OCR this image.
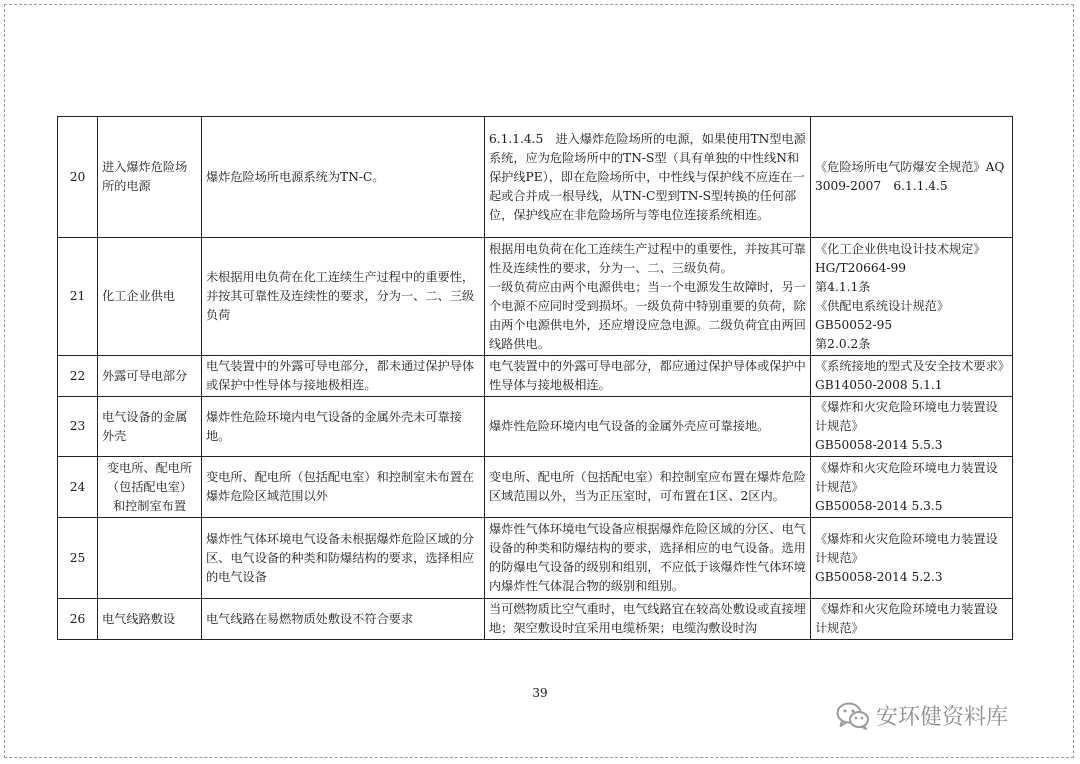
20	进入爆炸危险场所的电源	爆炸危险场所电源系统为TN-C。	6.1.1.4.5　进入爆炸危险场所的电源，如果使用TN型电源系统，应为危险场所中的TN-S型（具有单独的中性线N和保护线PE），即在危险场所中，中性线与保护线不应连在一起或合并成一根导线，从TN-C型到TN-S型转换的任何部位，保护线应在非危险场所与等电位连接系统相连。	《危险场所电气防爆安全规范》AQ 3009-2007　6.1.1.4.5
21	化工企业供电	未根据用电负荷在化工连续生产过程中的重要性，并按其可靠性及连续性的要求，分为一、二、三级负荷	根据用电负荷在化工连续生产过程中的重要性，并按其可靠性及连续性的要求，分为一、二、三级负荷。
一级负荷应由两个电源供电；当一个电源发生故障时，另一个电源不应同时受到损坏。一级负荷中特别重要的负荷，除由两个电源供电外，还应增设应急电源。二级负荷宜由两回线路供电。	《化工企业供电设计技术规定》HG/T20664-99
第4.1.1条
《供配电系统设计规范》GB50052-95
第2.0.2条
22	外露可导电部分	电气装置中的外露可导电部分，都未通过保护导体或保护中性导体与接地极相连。	电气装置中的外露可导电部分，都应通过保护导体或保护中性导体与接地极相连。	《系统接地的型式及安全技术要求》GB14050-2008 5.1.1
23	电气设备的金属外壳	爆炸性危险环境内电气设备的金属外壳未可靠接地。	爆炸性危险环境内电气设备的金属外壳应可靠接地。	《爆炸和火灾危险环境电力装置设计规范》
GB50058-2014 5.5.3
24	变电所、配电所（包括配电室）和控制室布置	变电所、配电所（包括配电室）和控制室未布置在爆炸危险区域范围以外	变电所、配电所（包括配电室）和控制室应布置在爆炸危险区域范围以外，当为正压室时，可布置在1区、2区内。	《爆炸和火灾危险环境电力装置设计规范》
GB50058-2014 5.3.5
25		爆炸性气体环境电气设备未根据爆炸危险区域的分区、电气设备的种类和防爆结构的要求，选择相应的电气设备	爆炸性气体环境电气设备应根据爆炸危险区域的分区、电气设备的种类和防爆结构的要求，选择相应的电气设备。选用的防爆电气设备的级别和组别，不应低于该爆炸性气体环境内爆炸性气体混合物的级别和组别。	《爆炸和火灾危险环境电力装置设计规范》
GB50058-2014 5.2.3
26	电气线路敷设	电气线路在易燃物质处敷设不符合要求	当可燃物质比空气重时，电气线路宜在较高处敷设或直接埋地；架空敷设时宜采用电缆桥架；电缆沟敷设时沟	《爆炸和火灾危险环境电力装置设计规范》
39
安环健资料库
